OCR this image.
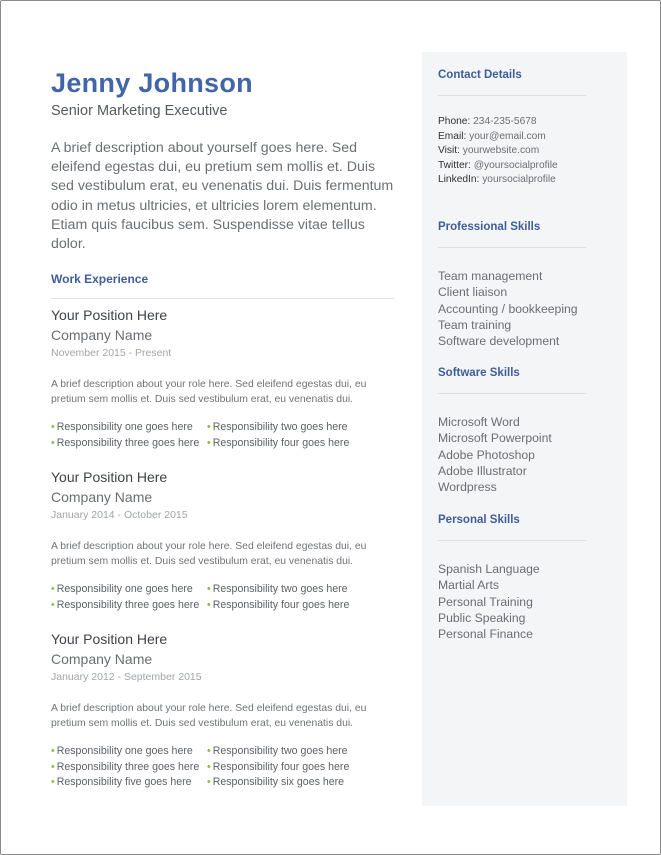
Jenny Johnson
Senior Marketing Executive
A brief description about yourself goes here. Sed eleifend egestas dui, eu pretium sem mollis et. Duis sed vestibulum erat, eu venenatis dui. Duis fermentum odio in metus ultricies, et ultricies lorem elementum. Etiam quis faucibus sem. Suspendisse vitae tellus dolor.
Work Experience
Your Position Here
Company Name
November 2015 - Present
A brief description about your role here. Sed eleifend egestas dui, eu pretium sem mollis et. Duis sed vestibulum erat, eu venenatis dui.
• Responsibility one goes here	• Responsibility two goes here
• Responsibility three goes here • Responsibility four goes here
Your Position Here
Company Name
January 2014 - October 2015
A brief description about your role here. Sed eleifend egestas dui, eu pretium sem mollis et. Duis sed vestibulum erat, eu venenatis dui.
• Responsibility one goes here	• Responsibility two goes here
• Responsibility three goes here • Responsibility four goes here
Your Position Here
Company Name
January 2012 - September 2015
A brief description about your role here. Sed eleifend egestas dui, eu pretium sem mollis et. Duis sed vestibulum erat, eu venenatis dui.
• Responsibility one goes here	• Responsibility two goes here
• Responsibility three goes here • Responsibility four goes here
• Responsibility five goes here	• Responsibility six goes here
Contact Details
Phone: 234-235-5678
Email: your@email.com
Visit: yourwebsite.com
Twitter: @yoursocialprofile
LinkedIn: yoursocialprofile
Professional Skills
Team management
Client liaison
Accounting / bookkeeping
Team training
Software development
Software Skills
Microsoft Word
Microsoft Powerpoint
Adobe Photoshop
Adobe Illustrator
Wordpress
Personal Skills
Spanish Language
Martial Arts
Personal Training
Public Speaking
Personal Finance
